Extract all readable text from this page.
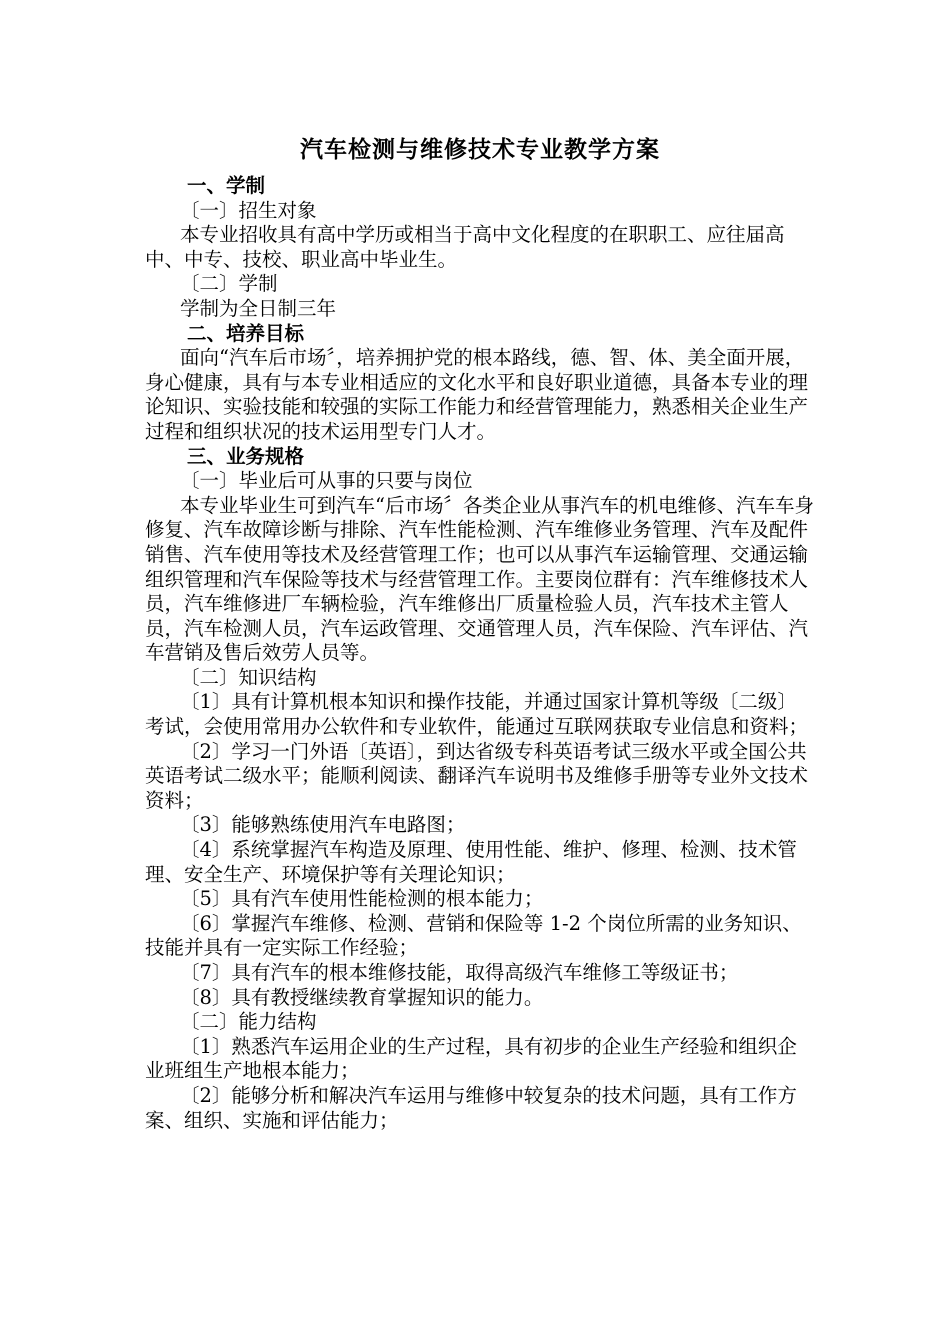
汽车检测与维修技术专业教学方案

一、学制

〔一〕招生对象

本专业招收具有高中学历或相当于高中文化程度的在职职工、应往届高中、中专、技校、职业高中毕业生。

〔二〕学制

学制为全日制三年

二、培养目标

面向“汽车后市场〞，培养拥护党的根本路线，德、智、体、美全面开展，身心健康，具有与本专业相适应的文化水平和良好职业道德，具备本专业的理论知识、实验技能和较强的实际工作能力和经营管理能力，熟悉相关企业生产过程和组织状况的技术运用型专门人才。

三、业务规格

〔一〕毕业后可从事的只要与岗位

本专业毕业生可到汽车“后市场〞各类企业从事汽车的机电维修、汽车车身修复、汽车故障诊断与排除、汽车性能检测、汽车维修业务管理、汽车及配件销售、汽车使用等技术及经营管理工作；也可以从事汽车运输管理、交通运输组织管理和汽车保险等技术与经营管理工作。主要岗位群有：汽车维修技术人员，汽车维修进厂车辆检验，汽车维修出厂质量检验人员，汽车技术主管人员，汽车检测人员，汽车运政管理、交通管理人员，汽车保险、汽车评估、汽车营销及售后效劳人员等。

〔二〕知识结构

〔1〕具有计算机根本知识和操作技能，并通过国家计算机等级〔二级〕考试，会使用常用办公软件和专业软件，能通过互联网获取专业信息和资料；

〔2〕学习一门外语〔英语〕，到达省级专科英语考试三级水平或全国公共英语考试二级水平；能顺利阅读、翻译汽车说明书及维修手册等专业外文技术资料；

〔3〕能够熟练使用汽车电路图；

〔4〕系统掌握汽车构造及原理、使用性能、维护、修理、检测、技术管理、安全生产、环境保护等有关理论知识；

〔5〕具有汽车使用性能检测的根本能力；

〔6〕掌握汽车维修、检测、营销和保险等 1-2 个岗位所需的业务知识、技能并具有一定实际工作经验；

〔7〕具有汽车的根本维修技能，取得高级汽车维修工等级证书；

〔8〕具有教授继续教育掌握知识的能力。

〔二〕能力结构

〔1〕熟悉汽车运用企业的生产过程，具有初步的企业生产经验和组织企业班组生产地根本能力；

〔2〕能够分析和解决汽车运用与维修中较复杂的技术问题，具有工作方案、组织、实施和评估能力；
